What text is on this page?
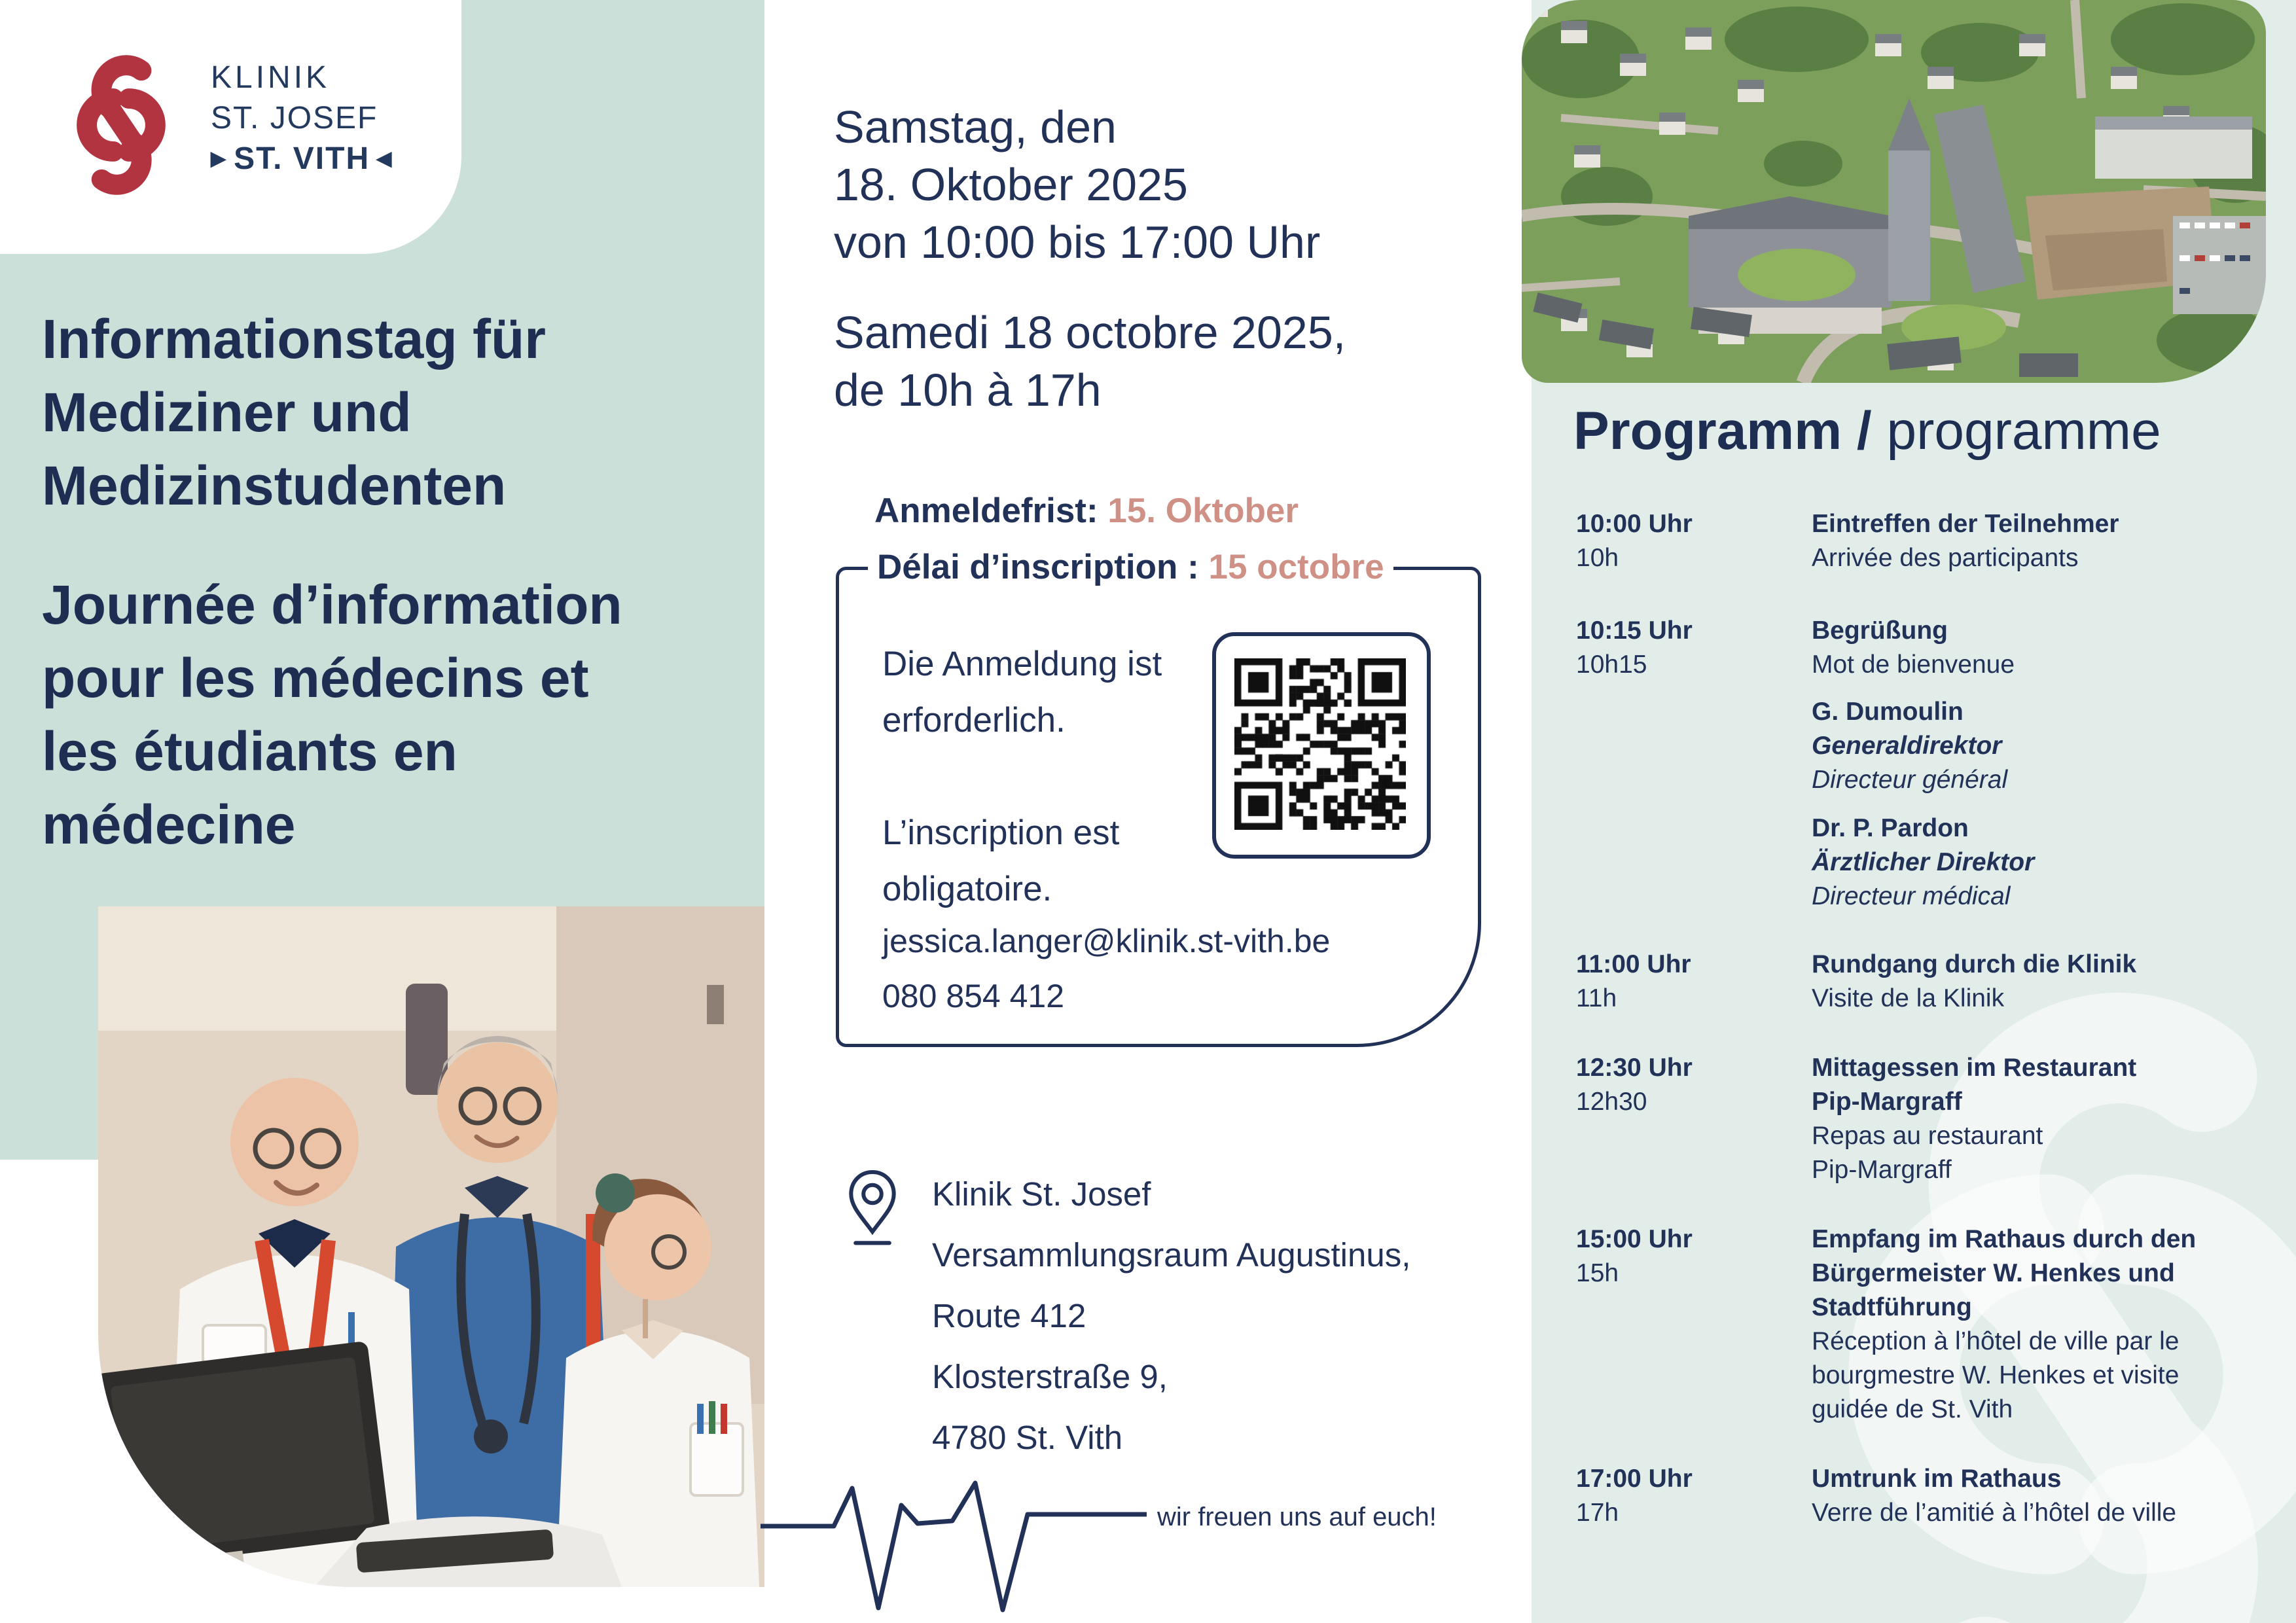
KLINIK
ST. JOSEF
▶ ST. VITH ◀
Informationstag für
Mediziner und
Medizinstudenten
Journée d’information
pour les médecins et
les étudiants en
médecine
Samstag, den
18. Oktober 2025
von 10:00 bis 17:00 Uhr
Samedi 18 octobre 2025,
de 10h à 17h
Anmeldefrist: 15. Oktober
Délai d’inscription : 15 octobre
Die Anmeldung ist
erforderlich.
L’inscription est
obligatoire.
jessica.langer@klinik.st-vith.be
080 854 412
Klinik St. Josef
Versammlungsraum Augustinus,
Route 412
Klosterstraße 9,
4780 St. Vith
wir freuen uns auf euch!
Programm / programme
10:00 Uhr
10h
Eintreffen der Teilnehmer
Arrivée des participants
10:15 Uhr
10h15
Begrüßung
Mot de bienvenue
G. Dumoulin
Generaldirektor
Directeur général
Dr. P. Pardon
Ärztlicher Direktor
Directeur médical
11:00 Uhr
11h
Rundgang durch die Klinik
Visite de la Klinik
12:30 Uhr
12h30
Mittagessen im Restaurant
Pip-Margraff
Repas au restaurant
Pip-Margraff
15:00 Uhr
15h
Empfang im Rathaus durch den
Bürgermeister W. Henkes und
Stadtführung
Réception à l’hôtel de ville par le
bourgmestre W. Henkes et visite
guidée de St. Vith
17:00 Uhr
17h
Umtrunk im Rathaus
Verre de l’amitié à l’hôtel de ville
